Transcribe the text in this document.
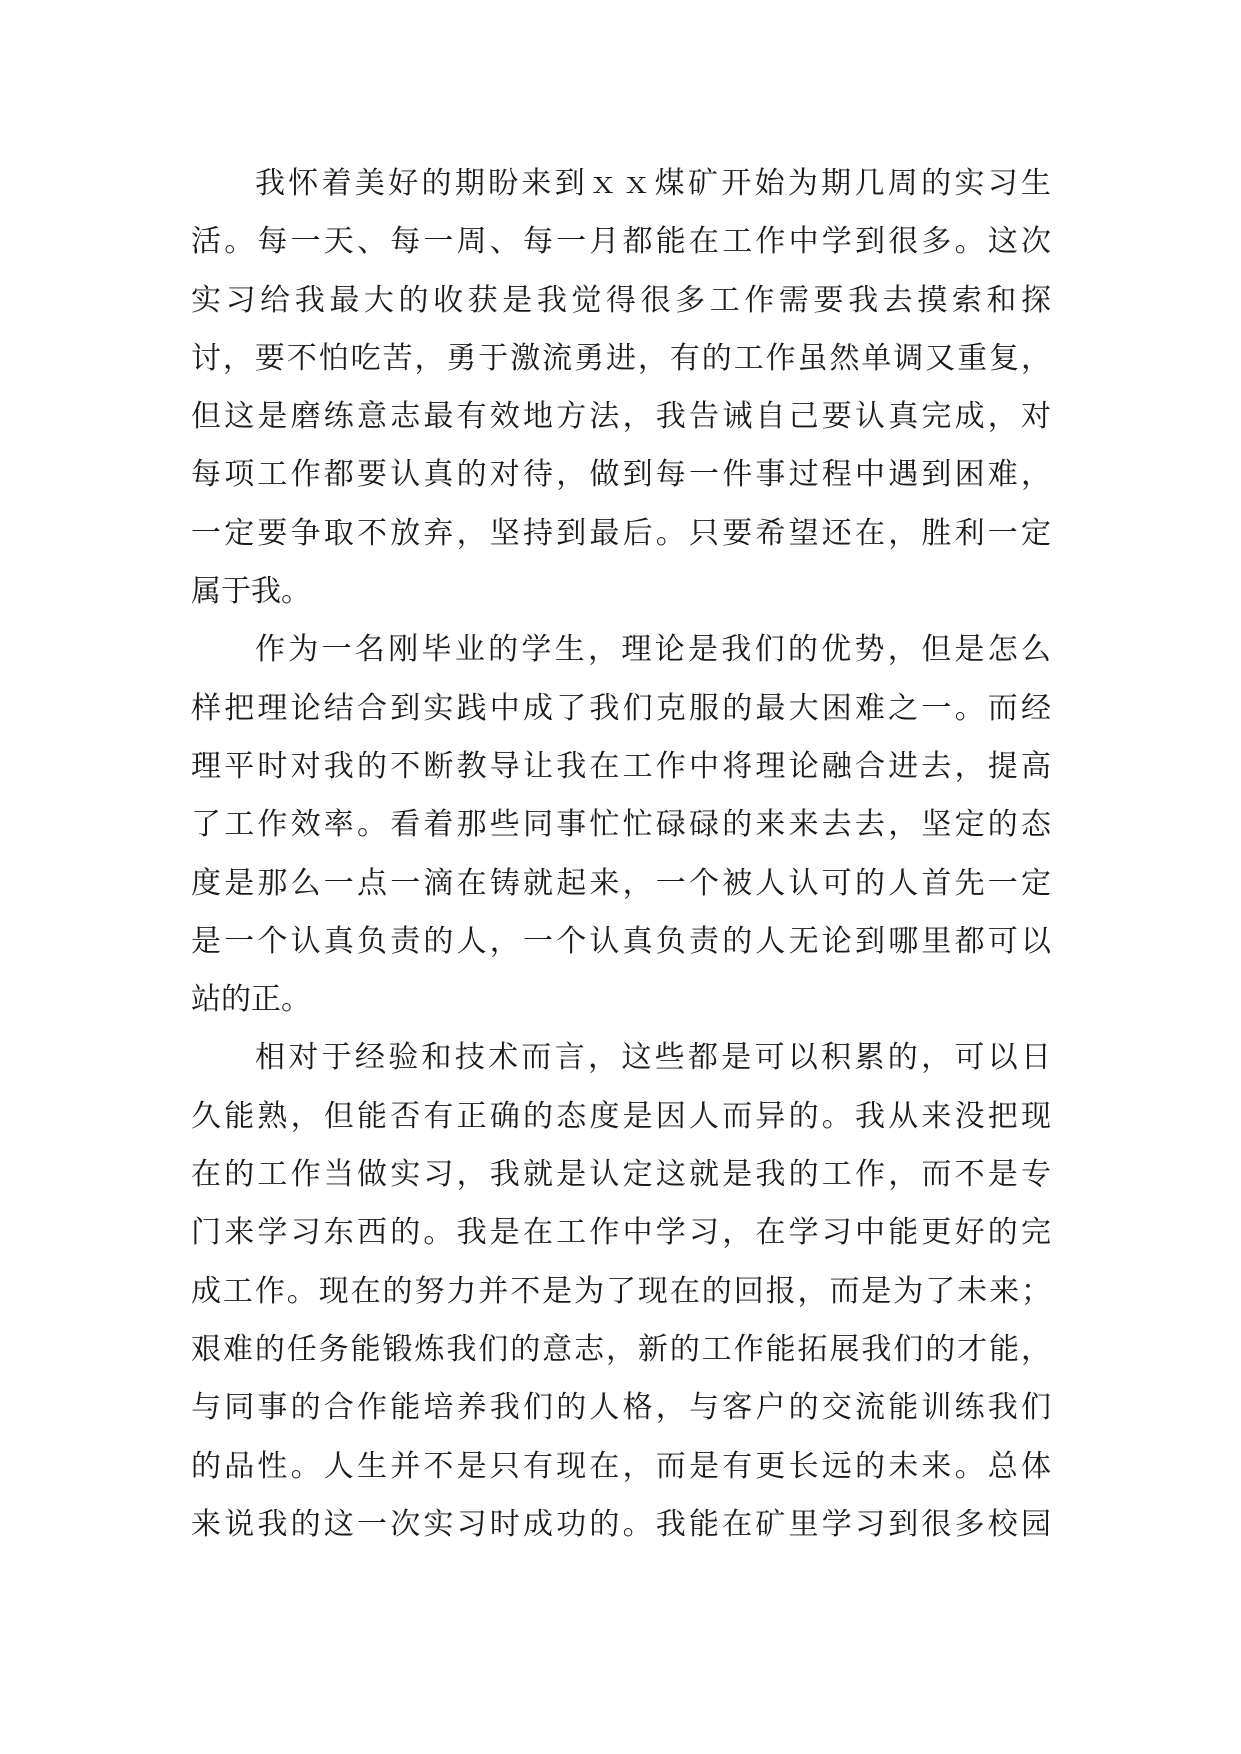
我怀着美好的期盼来到ｘｘ煤矿开始为期几周的实习生
活。每一天、每一周、每一月都能在工作中学到很多。这次
实习给我最大的收获是我觉得很多工作需要我去摸索和探
讨，要不怕吃苦，勇于激流勇进，有的工作虽然单调又重复，
但这是磨练意志最有效地方法，我告诫自己要认真完成，对
每项工作都要认真的对待，做到每一件事过程中遇到困难，
一定要争取不放弃，坚持到最后。只要希望还在，胜利一定
属于我。
作为一名刚毕业的学生，理论是我们的优势，但是怎么
样把理论结合到实践中成了我们克服的最大困难之一。而经
理平时对我的不断教导让我在工作中将理论融合进去，提高
了工作效率。看着那些同事忙忙碌碌的来来去去，坚定的态
度是那么一点一滴在铸就起来，一个被人认可的人首先一定
是一个认真负责的人，一个认真负责的人无论到哪里都可以
站的正。
相对于经验和技术而言，这些都是可以积累的，可以日
久能熟，但能否有正确的态度是因人而异的。我从来没把现
在的工作当做实习，我就是认定这就是我的工作，而不是专
门来学习东西的。我是在工作中学习，在学习中能更好的完
成工作。现在的努力并不是为了现在的回报，而是为了未来；
艰难的任务能锻炼我们的意志，新的工作能拓展我们的才能，
与同事的合作能培养我们的人格，与客户的交流能训练我们
的品性。人生并不是只有现在，而是有更长远的未来。总体
来说我的这一次实习时成功的。我能在矿里学习到很多校园
